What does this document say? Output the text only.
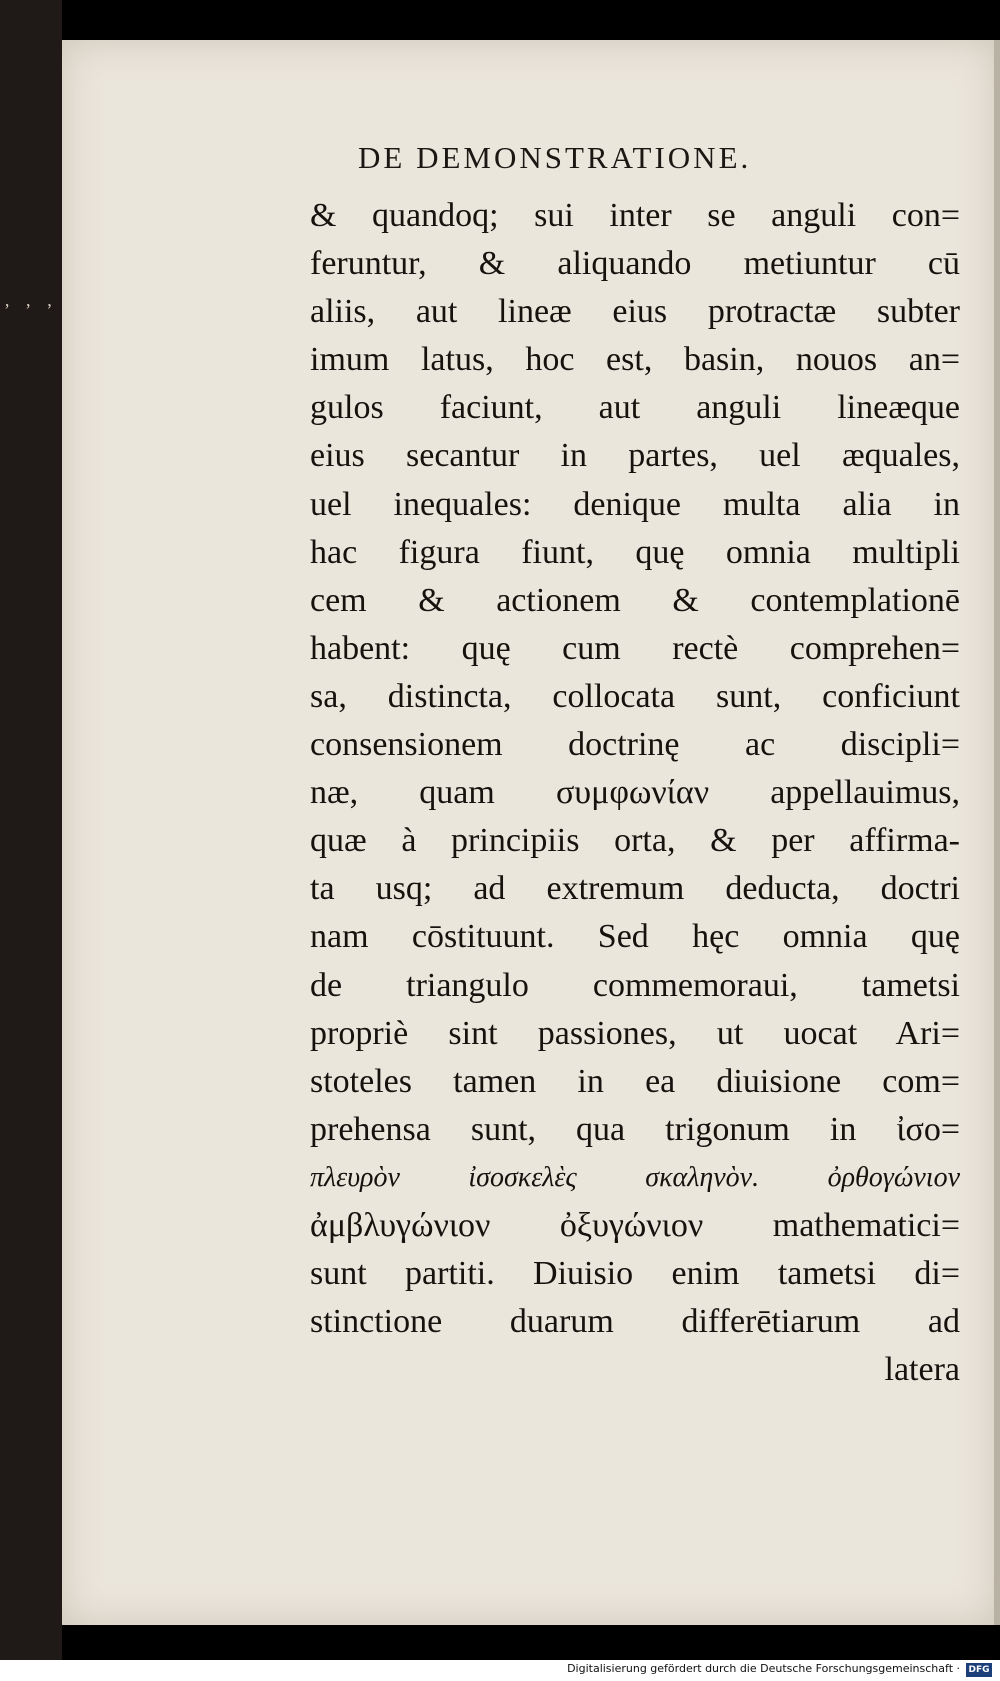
’ ’ ’
DE DEMONSTRATIONE.
& quandoq; sui inter se anguli con=
feruntur, & aliquando metiuntur cū
aliis, aut lineæ eius protractæ subter
imum latus, hoc est, basin, nouos an=
gulos faciunt, aut anguli lineæque
eius secantur in partes, uel æquales,
uel inequales: denique multa alia in
hac figura fiunt, quę omnia multipli
cem & actionem & contemplationē
habent: quę cum rectè comprehen=
sa, distincta, collocata sunt, conficiunt
consensionem doctrinę ac discipli=
næ, quam συμφωνίαν appellauimus,
quæ à principiis orta, & per affirma-
ta usq; ad extremum deducta, doctri
nam cōstituunt. Sed hęc omnia quę
de triangulo commemoraui, tametsi
propriè sint passiones, ut uocat Ari=
stoteles tamen in ea diuisione com=
prehensa sunt, qua trigonum in ἰσο=
πλευρὸν ἰσοσκελὲς σκαληνὸν. ὀρθογώνιον
ἀμβλυγώνιον ὀξυγώνιον mathematici=
sunt partiti. Diuisio enim tametsi di=
stinctione duarum differētiarum ad
latera
Digitalisierung gefördert durch die Deutsche Forschungsgemeinschaft · DFG
